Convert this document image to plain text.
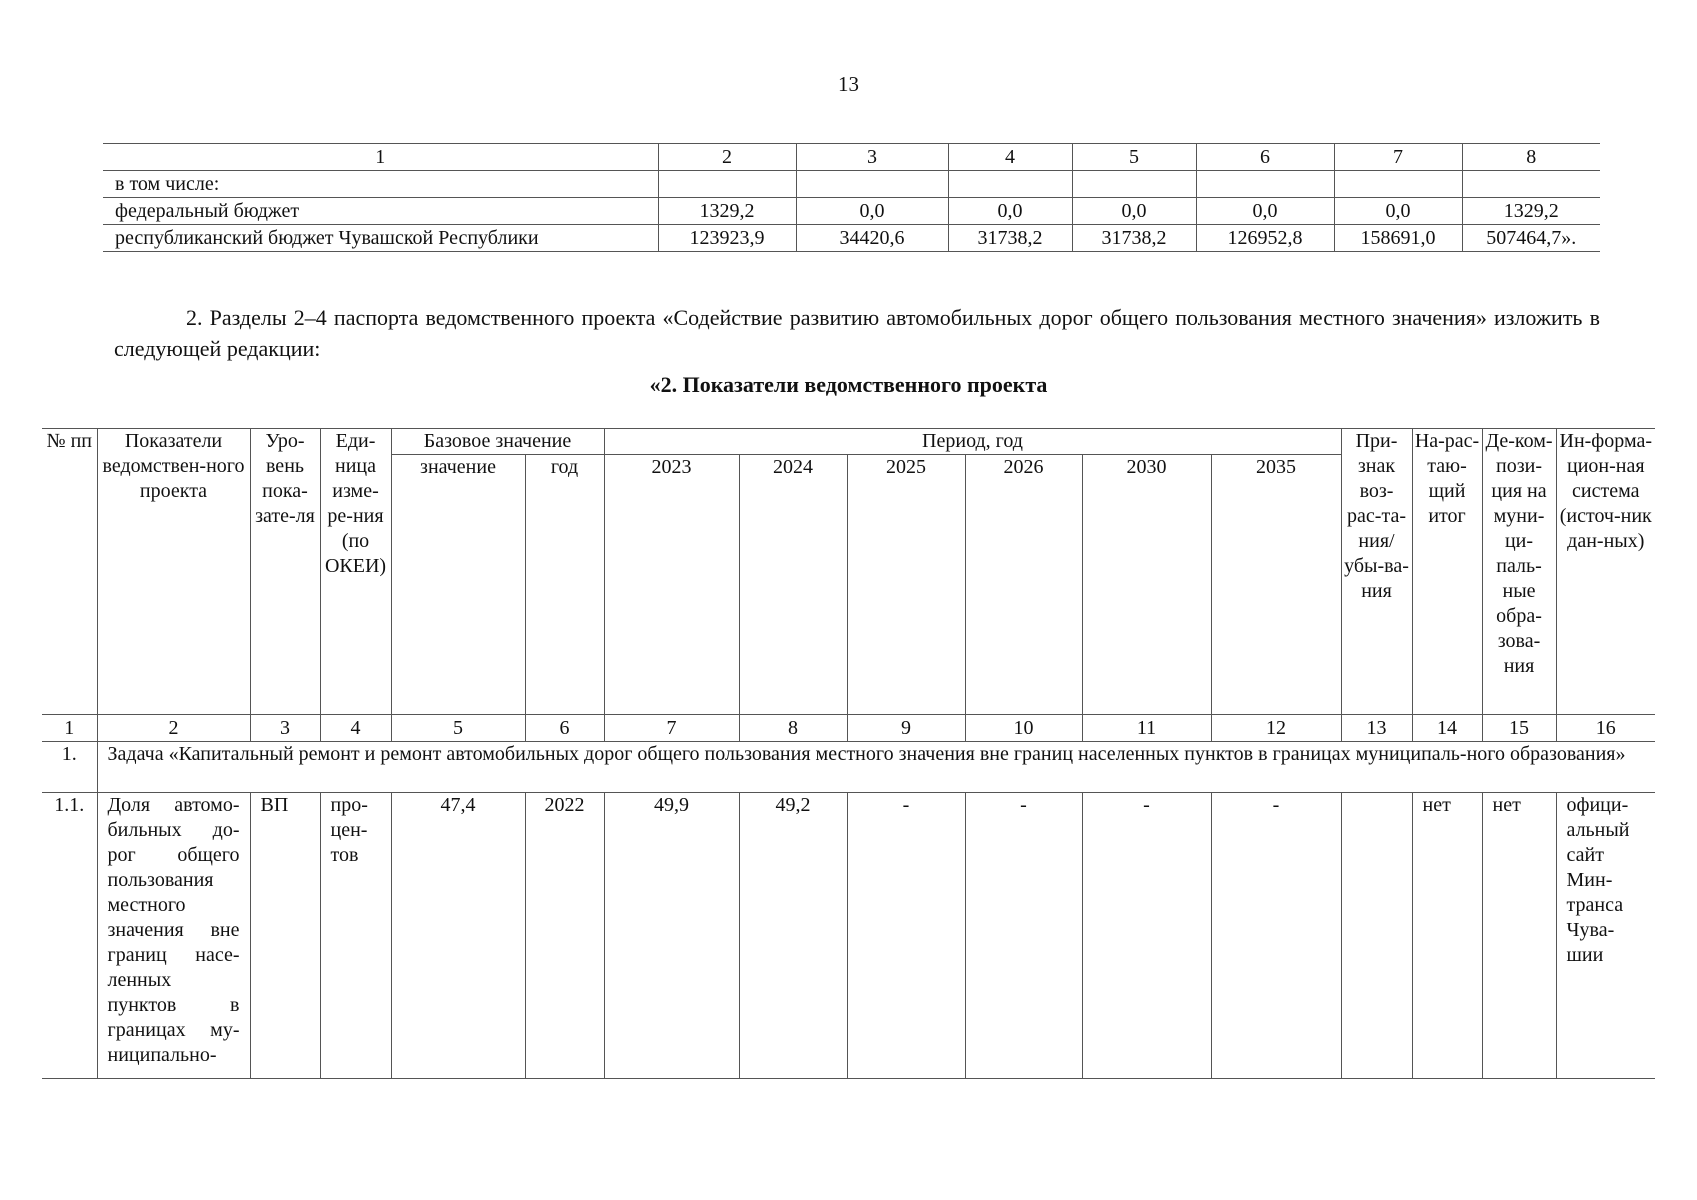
13
1	2	3	4	5	6	7	8
в том числе:							
федеральный бюджет	1329,2	0,0	0,0	0,0	0,0	0,0	1329,2
республиканский бюджет Чувашской Республики	123923,9	34420,6	31738,2	31738,2	126952,8	158691,0	507464,7».

2. Разделы 2–4 паспорта ведомственного проекта «Содействие развитию автомобильных дорог общего пользования местного значения» изложить в следующей редакции:

«2. Показатели ведомственного проекта
№ пп	Показатели ведомствен-ного проекта	Уро-вень пока-зате-ля	Еди-ница изме-ре-ния (по ОКЕИ)	Базовое значение		Период, год						При-знак воз-рас-та-ния/ убы-ва-ния	На-рас-таю-щий итог	Де-ком-пози-ция на муни-ци-паль-ные обра-зова-ния	Ин-форма-цион-ная система (источ-ник дан-ных)
				значение	год	2023	2024	2025	2026	2030	2035				
1	2	3	4	5	6	7	8	9	10	11	12	13	14	15	16
1.	Задача «Капитальный ремонт и ремонт автомобильных дорог общего пользования местного значения вне границ населенных пунктов в границах муниципаль-ного образования»														
1.1.	Доля автомо-бильных до-рог общего пользования местного значения вне границ насе-ленных пунктов в границах му-ниципально-	ВП	про-цен-тов	47,4	2022	49,9	49,2	-	-	-	-		нет	нет	офици-альный сайт Мин-транса Чува-шии
